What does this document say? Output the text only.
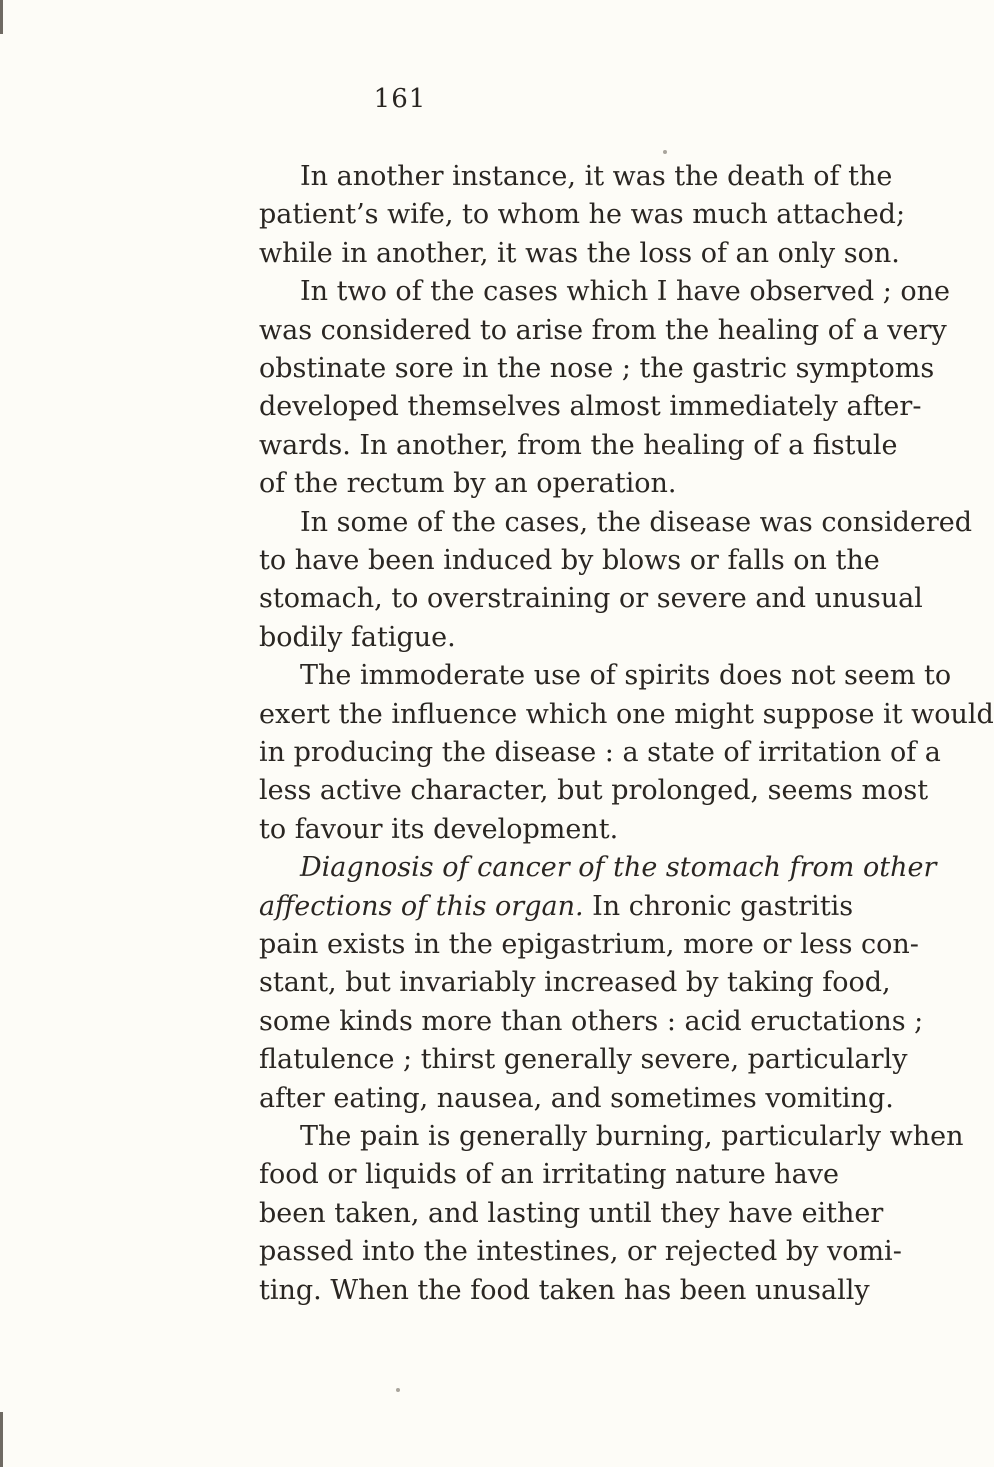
161
In another instance, it was the death of the
patient’s wife, to whom he was much attached;
while in another, it was the loss of an only son.
In two of the cases which I have observed ; one
was considered to arise from the healing of a very
obstinate sore in the nose ; the gastric symptoms
developed themselves almost immediately after-
wards. In another, from the healing of a fistule
of the rectum by an operation.
In some of the cases, the disease was considered
to have been induced by blows or falls on the
stomach, to overstraining or severe and unusual
bodily fatigue.
The immoderate use of spirits does not seem to
exert the influence which one might suppose it would
in producing the disease : a state of irritation of a
less active character, but prolonged, seems most
to favour its development.
Diagnosis of cancer of the stomach from other
affections of this organ. In chronic gastritis
pain exists in the epigastrium, more or less con-
stant, but invariably increased by taking food,
some kinds more than others : acid eructations ;
flatulence ; thirst generally severe, particularly
after eating, nausea, and sometimes vomiting.
The pain is generally burning, particularly when
food or liquids of an irritating nature have
been taken, and lasting until they have either
passed into the intestines, or rejected by vomi-
ting. When the food taken has been unusally
